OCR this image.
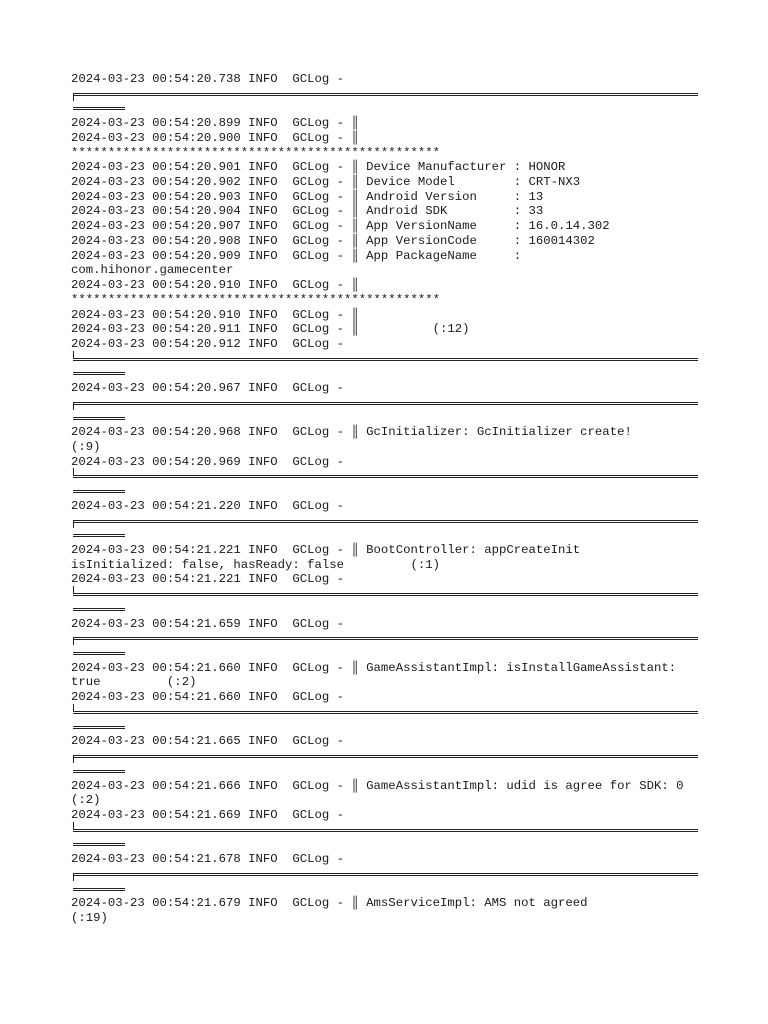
2024-03-23 00:54:20.738 INFO  GCLog -
2024-03-23 00:54:20.899 INFO  GCLog - ║
2024-03-23 00:54:20.900 INFO  GCLog - ║
**************************************************
2024-03-23 00:54:20.901 INFO  GCLog - ║ Device Manufacturer : HONOR
2024-03-23 00:54:20.902 INFO  GCLog - ║ Device Model        : CRT-NX3
2024-03-23 00:54:20.903 INFO  GCLog - ║ Android Version     : 13
2024-03-23 00:54:20.904 INFO  GCLog - ║ Android SDK         : 33
2024-03-23 00:54:20.907 INFO  GCLog - ║ App VersionName     : 16.0.14.302
2024-03-23 00:54:20.908 INFO  GCLog - ║ App VersionCode     : 160014302
2024-03-23 00:54:20.909 INFO  GCLog - ║ App PackageName     :
com.hihonor.gamecenter
2024-03-23 00:54:20.910 INFO  GCLog - ║
**************************************************
2024-03-23 00:54:20.910 INFO  GCLog - ║
2024-03-23 00:54:20.911 INFO  GCLog - ║          (:12)
2024-03-23 00:54:20.912 INFO  GCLog -
2024-03-23 00:54:20.967 INFO  GCLog -
2024-03-23 00:54:20.968 INFO  GCLog - ║ GcInitializer: GcInitializer create!
(:9)
2024-03-23 00:54:20.969 INFO  GCLog -
2024-03-23 00:54:21.220 INFO  GCLog -
2024-03-23 00:54:21.221 INFO  GCLog - ║ BootController: appCreateInit
isInitialized: false, hasReady: false         (:1)
2024-03-23 00:54:21.221 INFO  GCLog -
2024-03-23 00:54:21.659 INFO  GCLog -
2024-03-23 00:54:21.660 INFO  GCLog - ║ GameAssistantImpl: isInstallGameAssistant:
true         (:2)
2024-03-23 00:54:21.660 INFO  GCLog -
2024-03-23 00:54:21.665 INFO  GCLog -
2024-03-23 00:54:21.666 INFO  GCLog - ║ GameAssistantImpl: udid is agree for SDK: 0
(:2)
2024-03-23 00:54:21.669 INFO  GCLog -
2024-03-23 00:54:21.678 INFO  GCLog -
2024-03-23 00:54:21.679 INFO  GCLog - ║ AmsServiceImpl: AMS not agreed
(:19)
